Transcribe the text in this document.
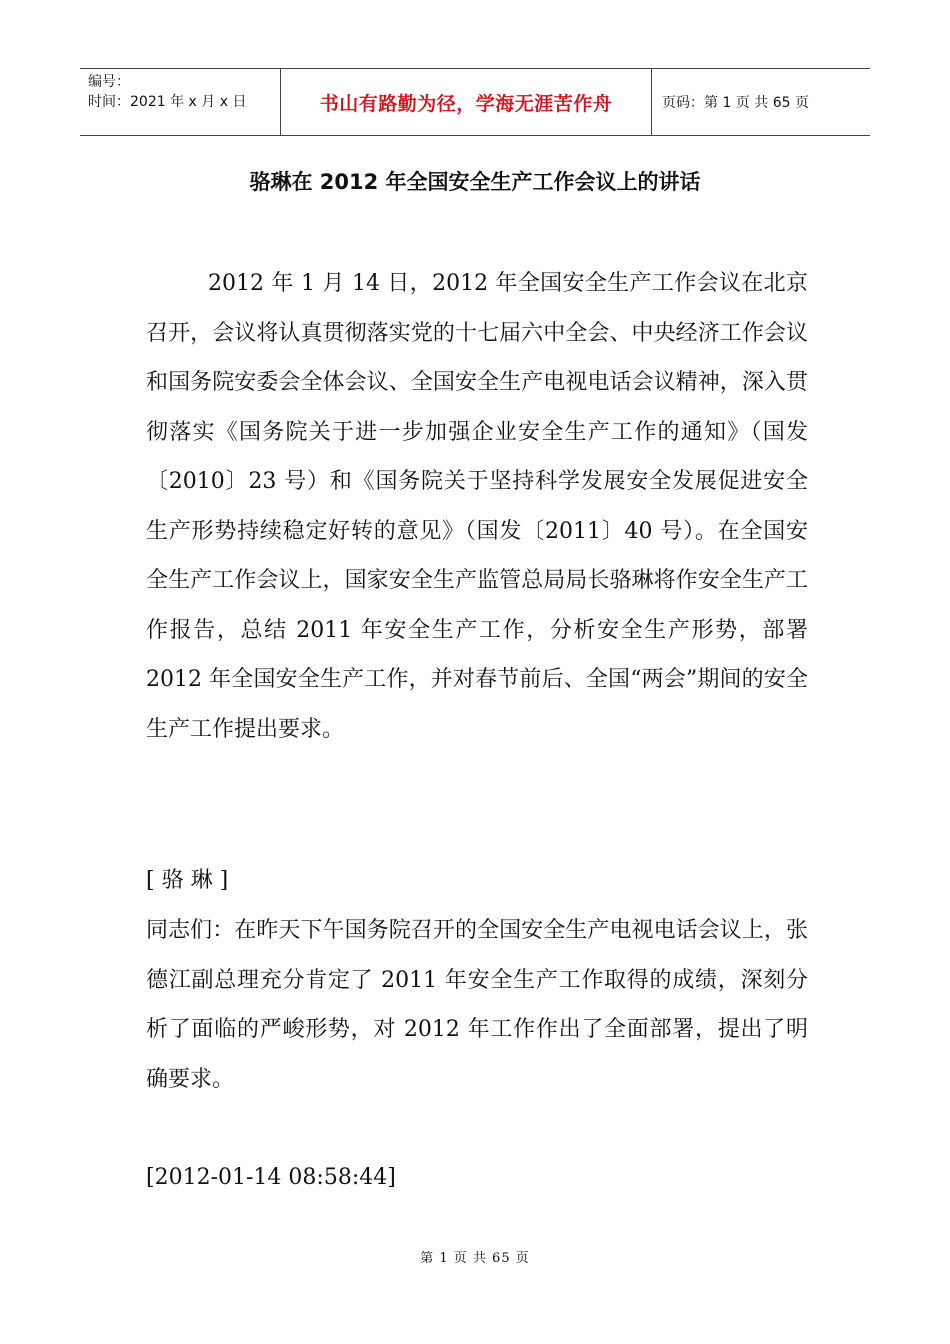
编号：
时间：2021 年 x 月 x 日	书山有路勤为径，学海无涯苦作舟	页码：第 1 页 共 65 页
骆琳在 2012 年全国安全生产工作会议上的讲话

2012 年 1 月 14 日，2012 年全国安全生产工作会议在北京召开，会议将认真贯彻落实党的十七届六中全会、中央经济工作会议和国务院安委会全体会议、全国安全生产电视电话会议精神，深入贯彻落实《国务院关于进一步加强企业安全生产工作的通知》（国发〔2010〕23 号）和《国务院关于坚持科学发展安全发展促进安全生产形势持续稳定好转的意见》（国发〔2011〕40 号）。在全国安全生产工作会议上，国家安全生产监管总局局长骆琳将作安全生产工作报告，总结 2011 年安全生产工作，分析安全生产形势，部署 2012 年全国安全生产工作，并对春节前后、全国“两会”期间的安全生产工作提出要求。

[ 骆 琳 ]

同志们：在昨天下午国务院召开的全国安全生产电视电话会议上，张德江副总理充分肯定了 2011 年安全生产工作取得的成绩，深刻分析了面临的严峻形势，对 2012 年工作作出了全面部署，提出了明确要求。

[2012-01-14 08:58:44]

第 1 页 共 65 页
